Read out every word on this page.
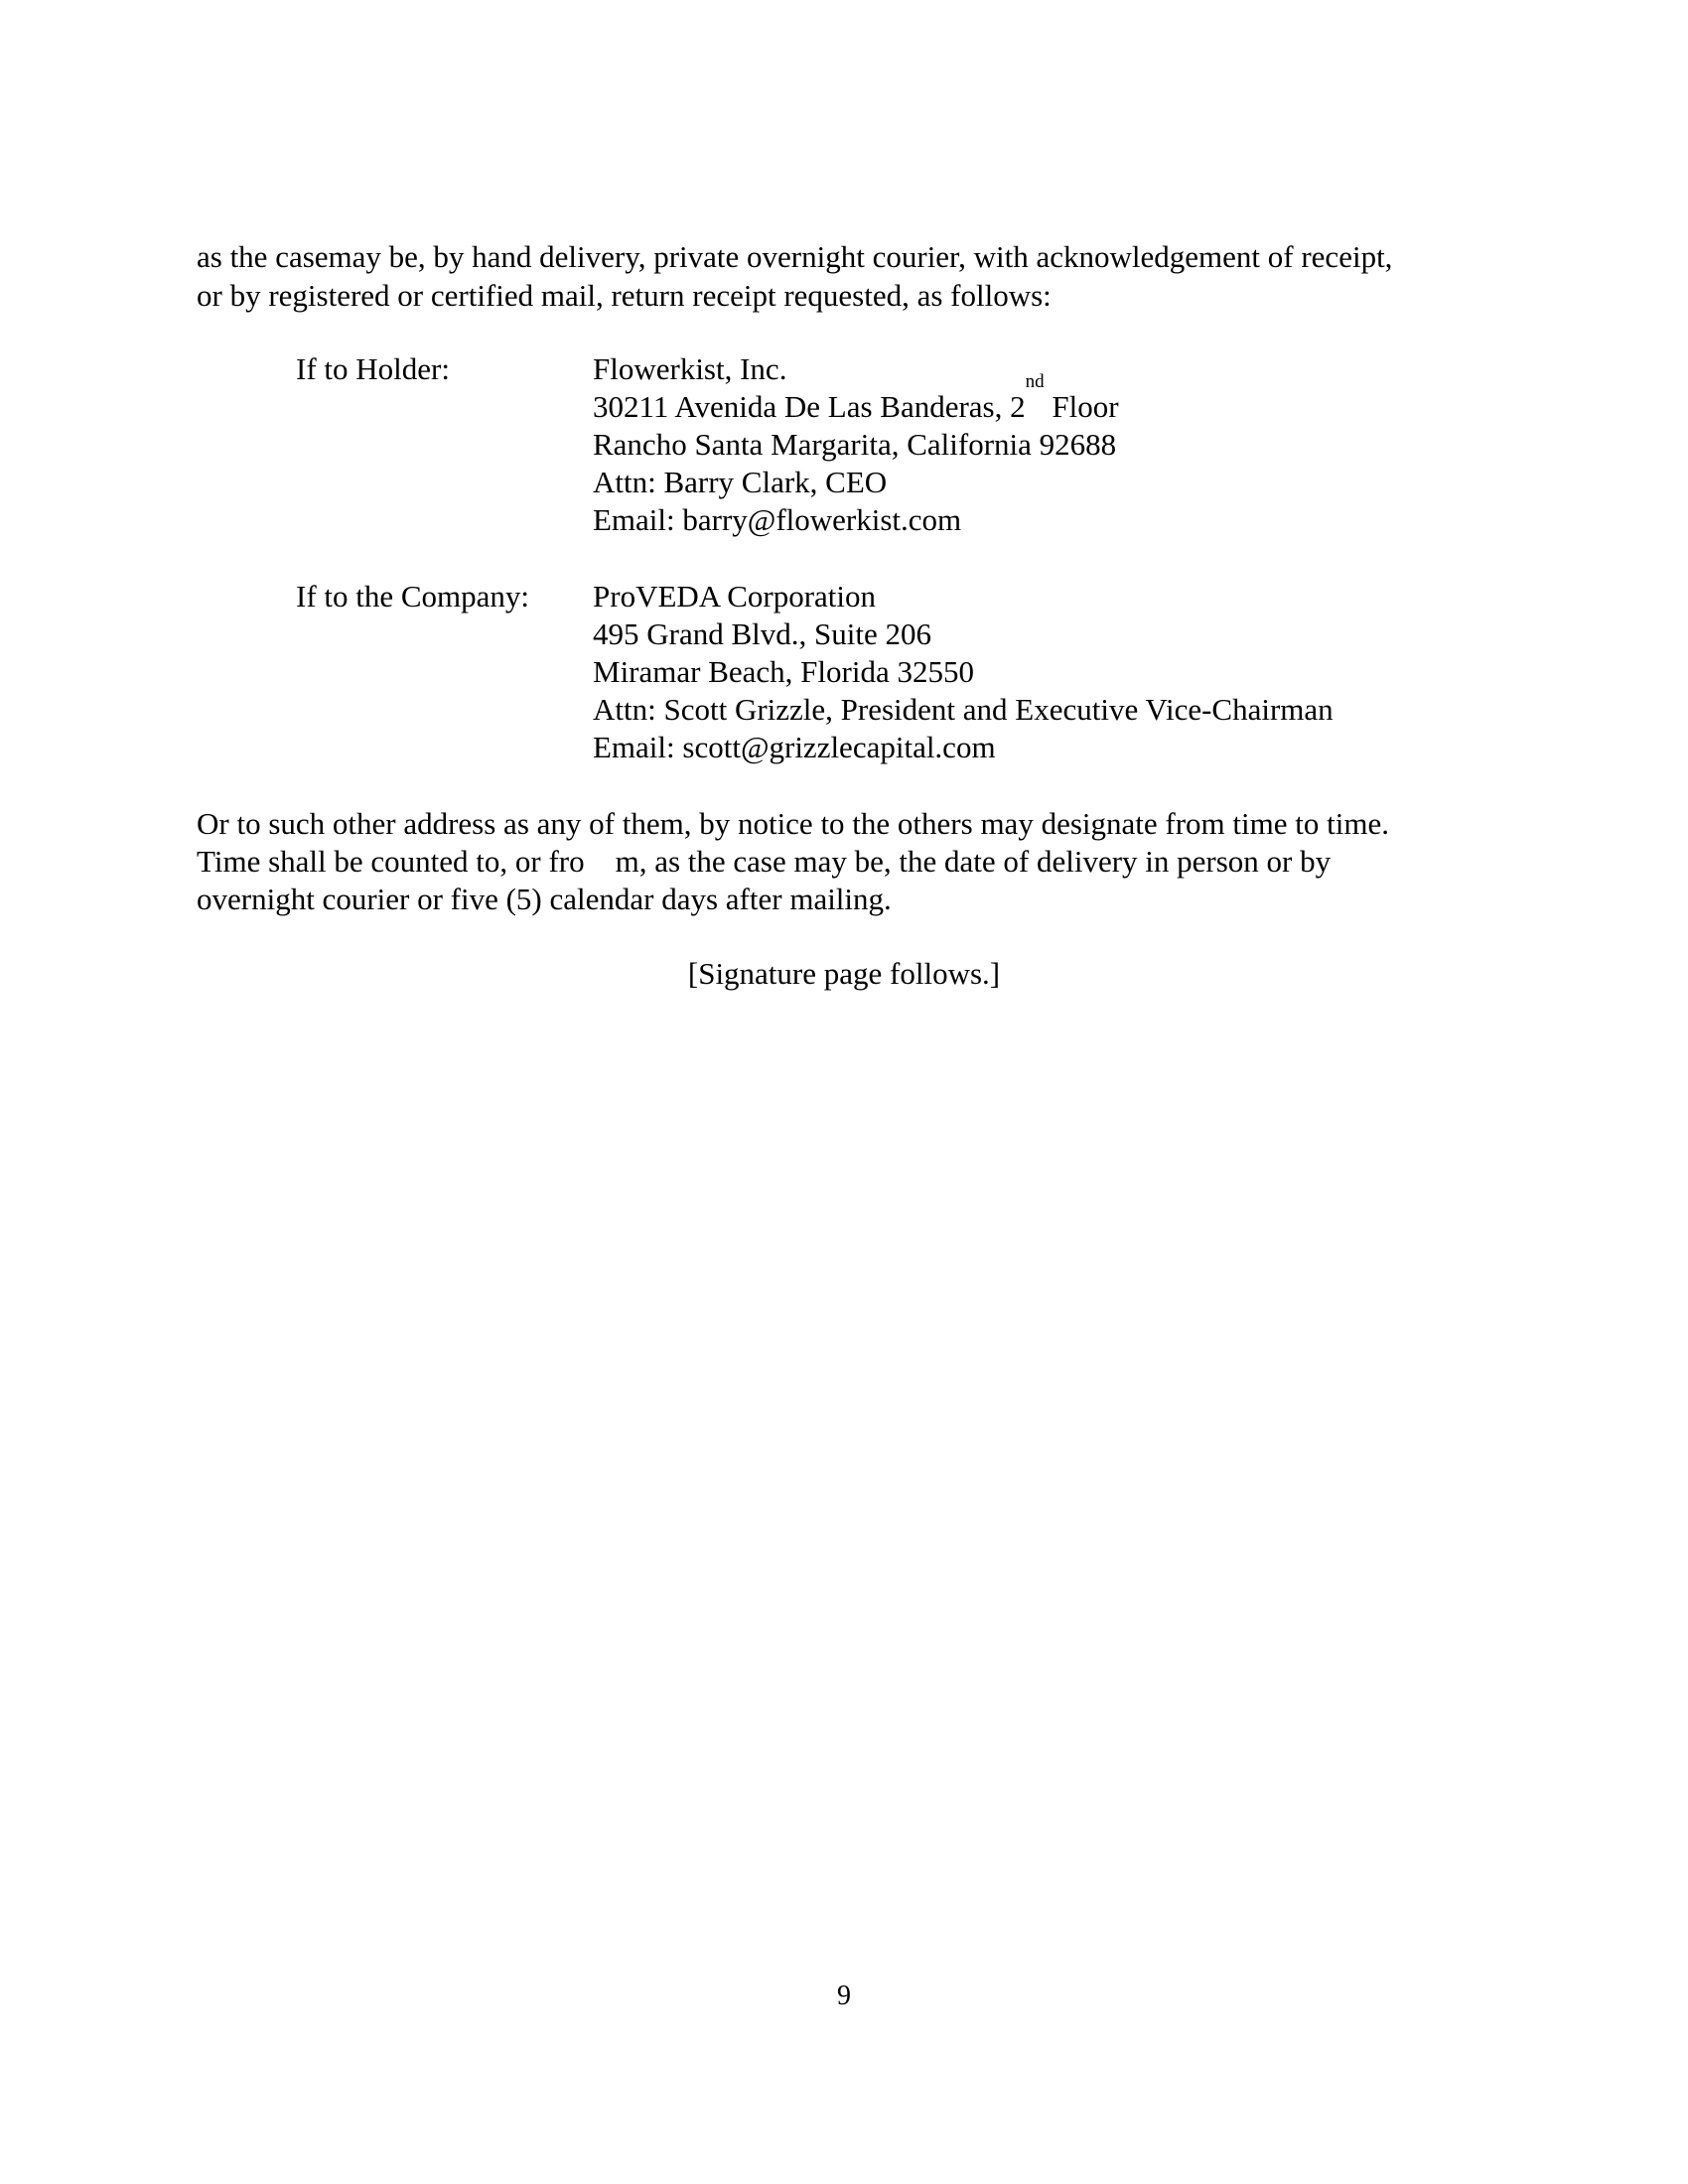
as the casemay be, by hand delivery, private overnight courier, with acknowledgement of receipt,
or by registered or certified mail, return receipt requested, as follows:
If to Holder:	Flowerkist, Inc.
30211 Avenida De Las Banderas, 2nd Floor
Rancho Santa Margarita, California 92688
Attn: Barry Clark, CEO
Email: barry@flowerkist.com
If to the Company: ProVEDA Corporation
495 Grand Blvd., Suite 206
Miramar Beach, Florida 32550
Attn: Scott Grizzle, President and Executive Vice-Chairman
Email: scott@grizzlecapital.com
Or to such other address as any of them, by notice to the others may designate from time to time.
Time shall be counted to, or fro    m, as the case may be, the date of delivery in person or by
overnight courier or five (5) calendar days after mailing.
[Signature page follows.]
9
